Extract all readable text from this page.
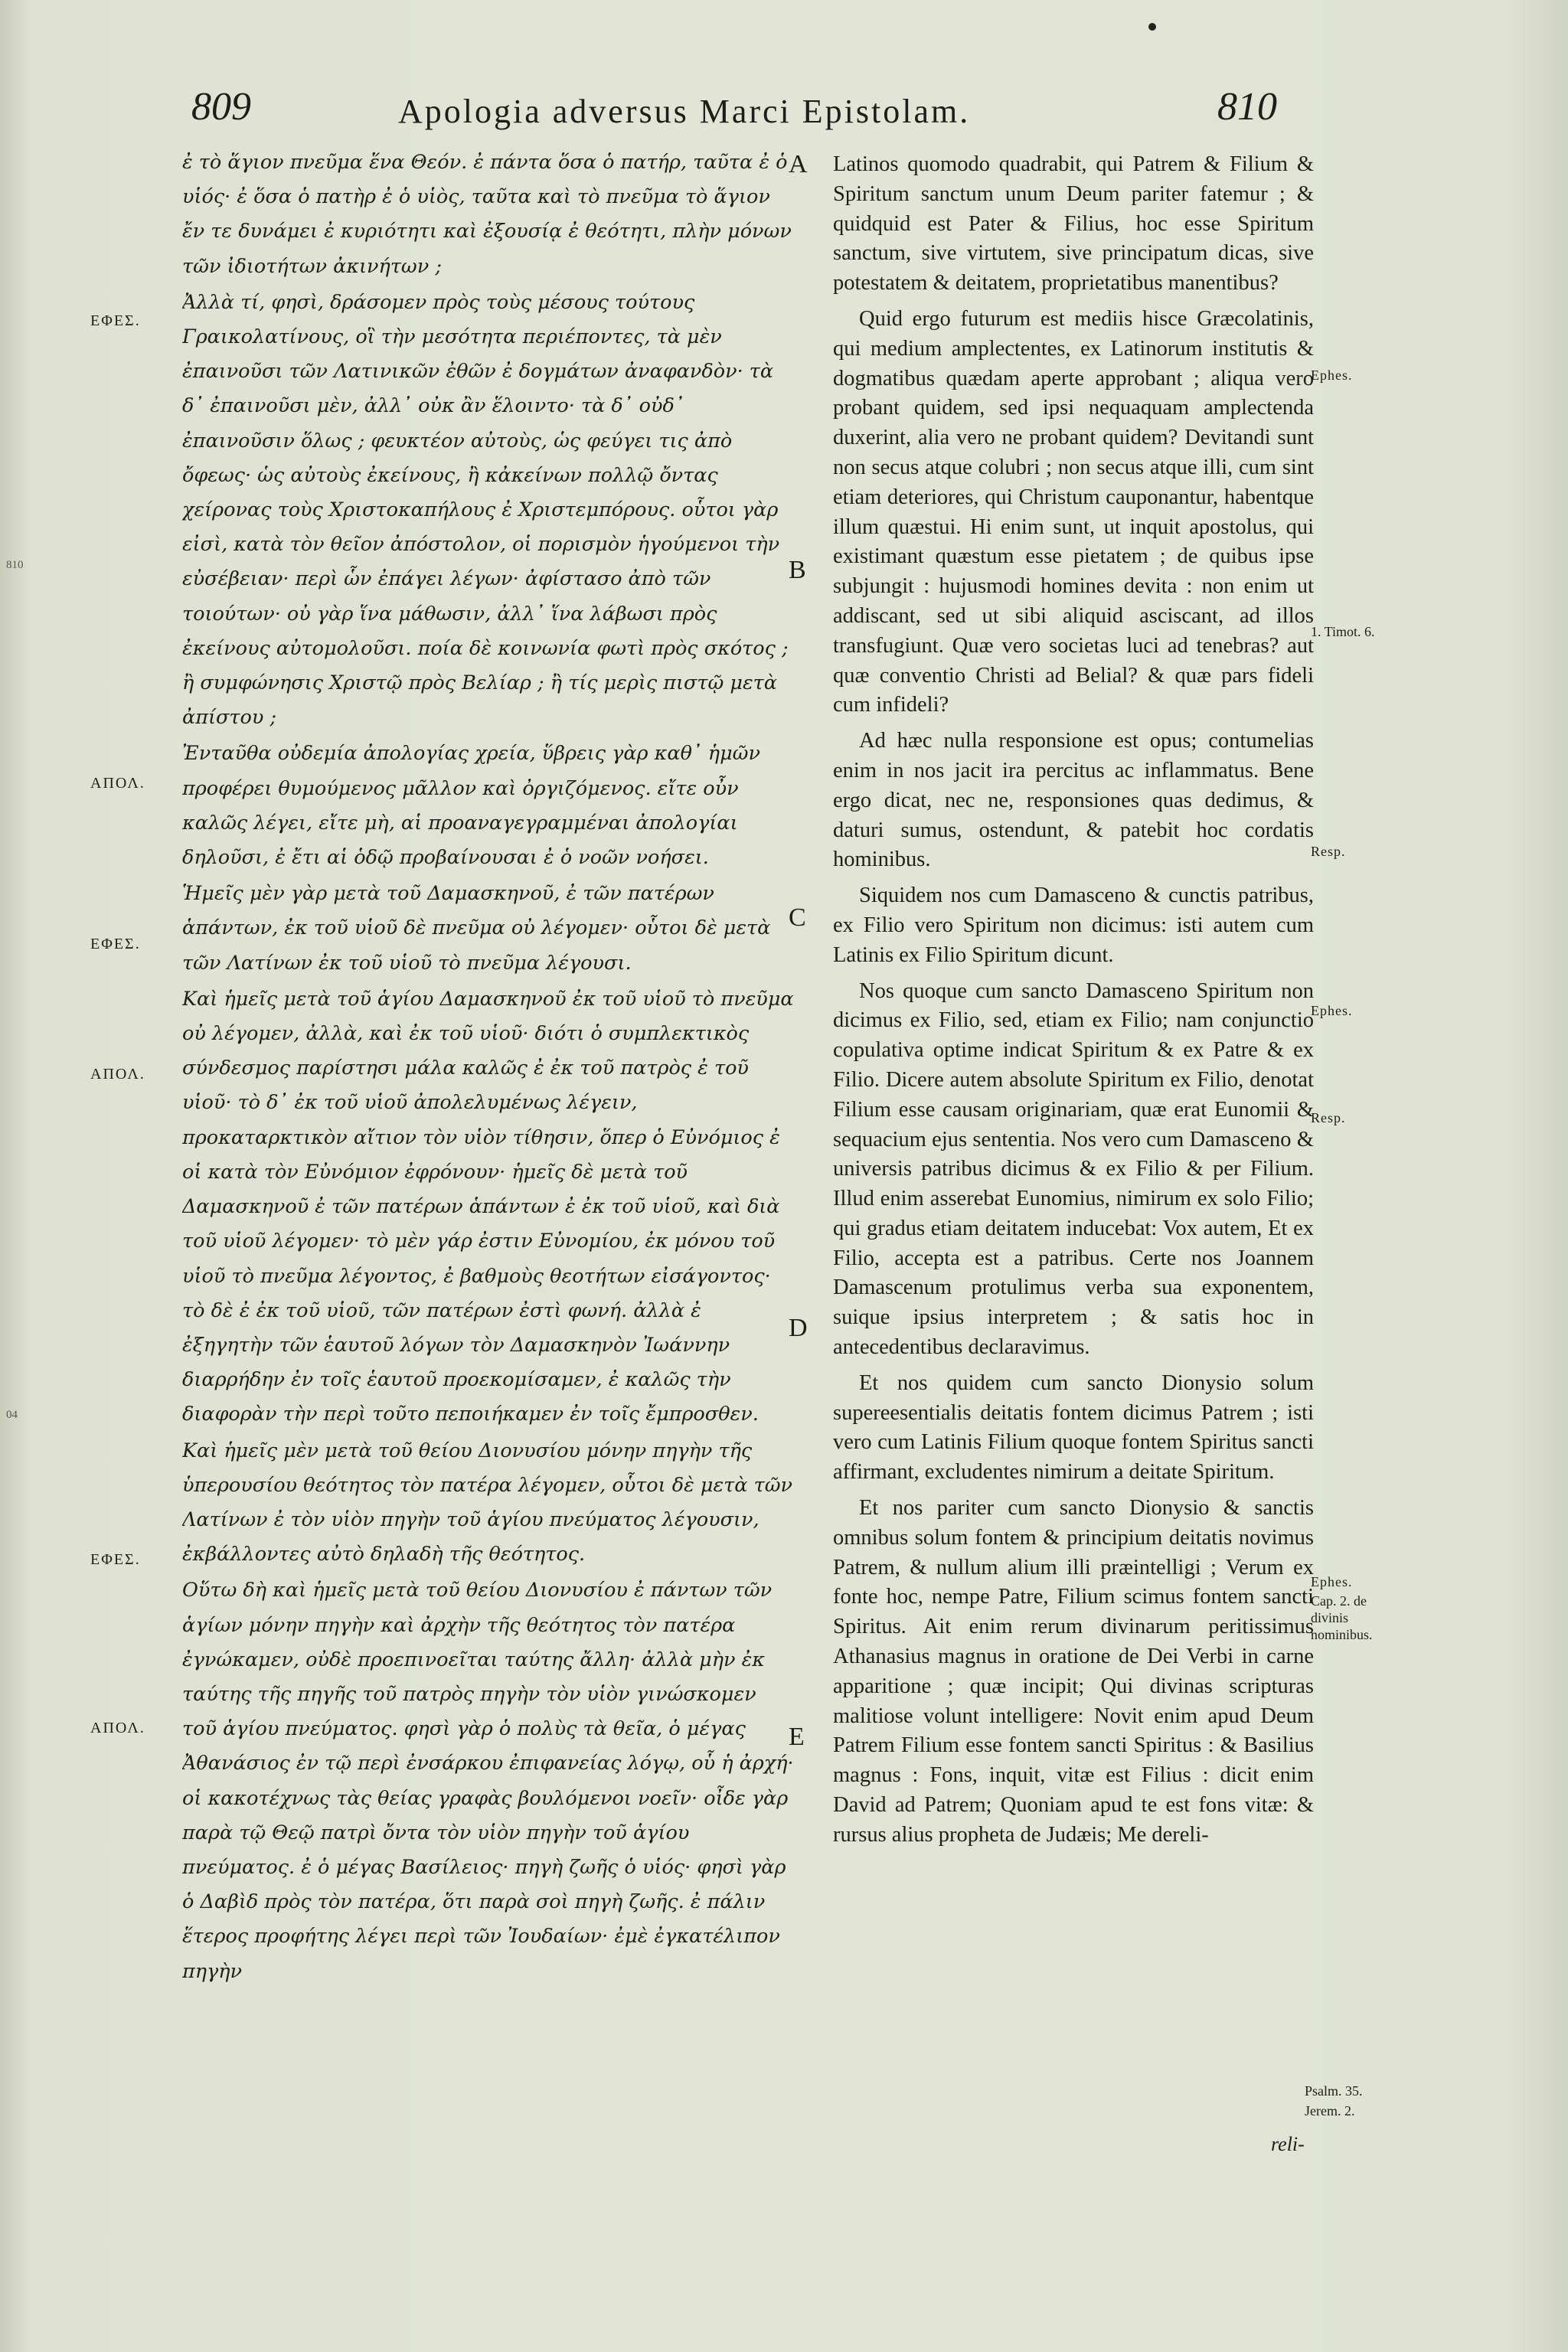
809	Apologia adversus Marci Epistolam.	810

ἐ τὸ ἅγιον πνεῦμα ἕνα Θεόν. ἐ πάντα ὅσα ὁ πατήρ, ταῦτα ἐ ὁ υἱός· ἐ ὅσα ὁ πατὴρ ἐ ὁ υἱὸς, ταῦτα καὶ τὸ πνεῦμα τὸ ἅγιον ἔν τε δυνάμει ἐ κυριότητι καὶ ἐξουσίᾳ ἐ θεότητι, πλὴν μόνων τῶν ἰδιοτήτων ἀκινήτων ;

Ἀλλὰ τί, φησὶ, δράσομεν πρὸς τοὺς μέσους τούτους Γραικολατίνους, οἳ τὴν μεσότητα περιέποντες, τὰ μὲν ἐπαινοῦσι τῶν Λατινικῶν ἐθῶν ἐ δογμάτων ἀναφανδὸν· τὰ δ᾽ ἐπαινοῦσι μὲν, ἀλλ᾽ οὐκ ἂν ἕλοιντο· τὰ δ᾽ οὐδ᾽ ἐπαινοῦσιν ὅλως ; φευκτέον αὐτοὺς, ὡς φεύγει τις ἀπὸ ὄφεως· ὡς αὐτοὺς ἐκείνους, ἢ κἀκείνων πολλῷ ὄντας χείρονας τοὺς Χριστοκαπήλους ἐ Χριστεμπόρους. οὗτοι γὰρ εἰσὶ, κατὰ τὸν θεῖον ἀπόστολον, οἱ πορισμὸν ἡγούμενοι τὴν εὐσέβειαν· περὶ ὧν ἐπάγει λέγων· ἀφίστασο ἀπὸ τῶν τοιούτων· οὐ γὰρ ἵνα μάθωσιν, ἀλλ᾽ ἵνα λάβωσι πρὸς ἐκείνους αὐτομολοῦσι. ποία δὲ κοινωνία φωτὶ πρὸς σκότος ; ἢ συμφώνησις Χριστῷ πρὸς Βελίαρ ; ἢ τίς μερὶς πιστῷ μετὰ ἀπίστου ;

Ἐνταῦθα οὐδεμία ἀπολογίας χρεία, ὕβρεις γὰρ καθ᾽ ἡμῶν προφέρει θυμούμενος μᾶλλον καὶ ὀργιζόμενος. εἴτε οὖν καλῶς λέγει, εἴτε μὴ, αἱ προαναγεγραμμέναι ἀπολογίαι δηλοῦσι, ἐ ἔτι αἱ ὁδῷ προβαίνουσαι ἐ ὁ νοῶν νοήσει.

Ἡμεῖς μὲν γὰρ μετὰ τοῦ Δαμασκηνοῦ, ἐ τῶν πατέρων ἁπάντων, ἐκ τοῦ υἱοῦ δὲ πνεῦμα οὐ λέγομεν· οὗτοι δὲ μετὰ τῶν Λατίνων ἐκ τοῦ υἱοῦ τὸ πνεῦμα λέγουσι.

Καὶ ἡμεῖς μετὰ τοῦ ἁγίου Δαμασκηνοῦ ἐκ τοῦ υἱοῦ τὸ πνεῦμα οὐ λέγομεν, ἀλλὰ, καὶ ἐκ τοῦ υἱοῦ· διότι ὁ συμπλεκτικὸς σύνδεσμος παρίστησι μάλα καλῶς ἐ ἐκ τοῦ πατρὸς ἐ τοῦ υἱοῦ· τὸ δ᾽ ἐκ τοῦ υἱοῦ ἀπολελυμένως λέγειν, προκαταρκτικὸν αἴτιον τὸν υἱὸν τίθησιν, ὅπερ ὁ Εὐνόμιος ἐ οἱ κατὰ τὸν Εὐνόμιον ἐφρόνουν· ἡμεῖς δὲ μετὰ τοῦ Δαμασκηνοῦ ἐ τῶν πατέρων ἁπάντων ἐ ἐκ τοῦ υἱοῦ, καὶ διὰ τοῦ υἱοῦ λέγομεν· τὸ μὲν γάρ ἐστιν Εὐνομίου, ἐκ μόνου τοῦ υἱοῦ τὸ πνεῦμα λέγοντος, ἐ βαθμοὺς θεοτήτων εἰσάγοντος· τὸ δὲ ἐ ἐκ τοῦ υἱοῦ, τῶν πατέρων ἐστὶ φωνή. ἀλλὰ ἐ ἐξηγητὴν τῶν ἑαυτοῦ λόγων τὸν Δαμασκηνὸν Ἰωάννην διαρρήδην ἐν τοῖς ἑαυτοῦ προεκομίσαμεν, ἐ καλῶς τὴν διαφορὰν τὴν περὶ τοῦτο πεποιήκαμεν ἐν τοῖς ἔμπροσθεν.

Καὶ ἡμεῖς μὲν μετὰ τοῦ θείου Διονυσίου μόνην πηγὴν τῆς ὑπερουσίου θεότητος τὸν πατέρα λέγομεν, οὗτοι δὲ μετὰ τῶν Λατίνων ἐ τὸν υἱὸν πηγὴν τοῦ ἁγίου πνεύματος λέγουσιν, ἐκβάλλοντες αὐτὸ δηλαδὴ τῆς θεότητος.

Οὕτω δὴ καὶ ἡμεῖς μετὰ τοῦ θείου Διονυσίου ἐ πάντων τῶν ἁγίων μόνην πηγὴν καὶ ἀρχὴν τῆς θεότητος τὸν πατέρα ἐγνώκαμεν, οὐδὲ προεπινοεῖται ταύτης ἄλλη· ἀλλὰ μὴν ἐκ ταύτης τῆς πηγῆς τοῦ πατρὸς πηγὴν τὸν υἱὸν γινώσκομεν τοῦ ἁγίου πνεύματος. φησὶ γὰρ ὁ πολὺς τὰ θεῖα, ὁ μέγας Ἀθανάσιος ἐν τῷ περὶ ἐνσάρκου ἐπιφανείας λόγῳ, οὗ ἡ ἀρχή· οἱ κακοτέχνως τὰς θείας γραφὰς βουλόμενοι νοεῖν· οἶδε γὰρ παρὰ τῷ Θεῷ πατρὶ ὄντα τὸν υἱὸν πηγὴν τοῦ ἁγίου πνεύματος. ἐ ὁ μέγας Βασίλειος· πηγὴ ζωῆς ὁ υἱός· φησὶ γὰρ ὁ Δαβὶδ πρὸς τὸν πατέρα, ὅτι παρὰ σοὶ πηγὴ ζωῆς. ἐ πάλιν ἕτερος προφήτης λέγει περὶ τῶν Ἰουδαίων· ἐμὲ ἐγκατέλιπον πηγὴν

Latinos quomodo quadrabit, qui Patrem & Filium & Spiritum sanctum unum Deum pariter fatemur ; & quidquid est Pater & Filius, hoc esse Spiritum sanctum, sive virtutem, sive principatum dicas, sive potestatem & deitatem, proprietatibus manentibus?

Quid ergo futurum est mediis hisce Græcolatinis, qui medium amplectentes, ex Latinorum institutis & dogmatibus quædam aperte approbant ; aliqua vero probant quidem, sed ipsi nequaquam amplectenda duxerint, alia vero ne probant quidem? Devitandi sunt non secus atque colubri ; non secus atque illi, cum sint etiam deteriores, qui Christum cauponantur, habentque illum quæstui. Hi enim sunt, ut inquit apostolus, qui existimant quæstum esse pietatem ; de quibus ipse subjungit : hujusmodi homines devita : non enim ut addiscant, sed ut sibi aliquid asciscant, ad illos transfugiunt. Quæ vero societas luci ad tenebras? aut quæ conventio Christi ad Belial? & quæ pars fideli cum infideli?

Ad hæc nulla responsione est opus; contumelias enim in nos jacit ira percitus ac inflammatus. Bene ergo dicat, nec ne, responsiones quas dedimus, & daturi sumus, ostendunt, & patebit hoc cordatis hominibus.

Siquidem nos cum Damasceno & cunctis patribus, ex Filio vero Spiritum non dicimus: isti autem cum Latinis ex Filio Spiritum dicunt.

Nos quoque cum sancto Damasceno Spiritum non dicimus ex Filio, sed, etiam ex Filio; nam conjunctio copulativa optime indicat Spiritum & ex Patre & ex Filio. Dicere autem absolute Spiritum ex Filio, denotat Filium esse causam originariam, quæ erat Eunomii & sequacium ejus sententia. Nos vero cum Damasceno & universis patribus dicimus & ex Filio & per Filium. Illud enim asserebat Eunomius, nimirum ex solo Filio; qui gradus etiam deitatem inducebat: Vox autem, Et ex Filio, accepta est a patribus. Certe nos Joannem Damascenum protulimus verba sua exponentem, suique ipsius interpretem ; & satis hoc in antecedentibus declaravimus.

Et nos quidem cum sancto Dionysio solum supereesentialis deitatis fontem dicimus Patrem ; isti vero cum Latinis Filium quoque fontem Spiritus sancti affirmant, excludentes nimirum a deitate Spiritum.

Et nos pariter cum sancto Dionysio & sanctis omnibus solum fontem & principium deitatis novimus Patrem, & nullum alium illi præintelligi ; Verum ex fonte hoc, nempe Patre, Filium scimus fontem sancti Spiritus. Ait enim rerum divinarum peritissimus Athanasius magnus in oratione de Dei Verbi in carne apparitione ; quæ incipit; Qui divinas scripturas malitiose volunt intelligere: Novit enim apud Deum Patrem Filium esse fontem sancti Spiritus : & Basilius magnus : Fons, inquit, vitæ est Filius : dicit enim David ad Patrem; Quoniam apud te est fons vitæ: & rursus alius propheta de Judæis; Me dereli-

ΕΦΕΣ.
ΑΠΟΛ.
ΕΦΕΣ.
ΑΠΟΛ.
ΕΦΕΣ.
ΑΠΟΛ.
A
B
C
D
E
Ephes.
1. Timot. 6.
Resp.
Ephes.
Resp.
Ephes.
Cap. 2. de divinis nominibus.
Psalm. 35.
Jerem. 2.
reli-
810
04
